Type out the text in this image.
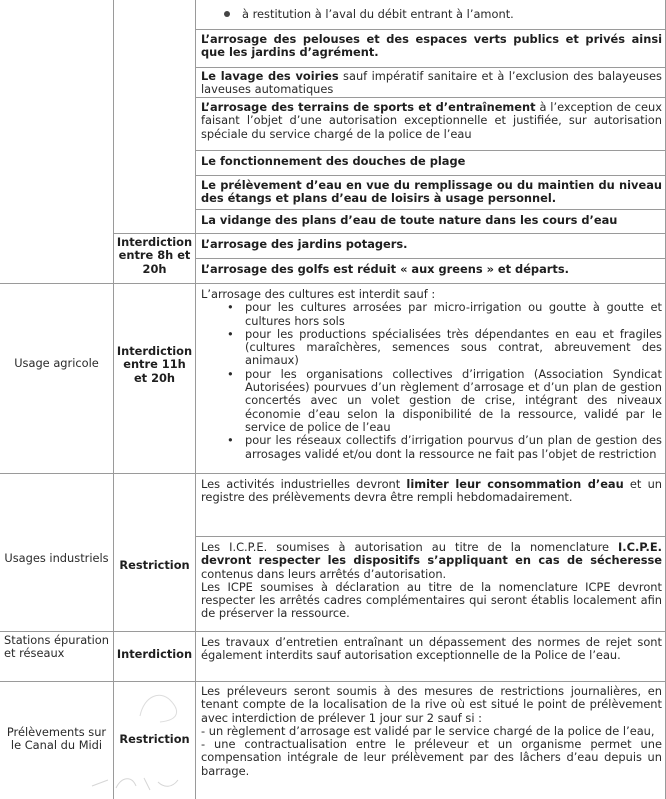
à restitution à l’aval du débit entrant à l’amont.
L’arrosage des pelouses et des espaces verts publics et privés ainsi que les jardins d’agrément.
Le lavage des voiries sauf impératif sanitaire et à l’exclusion des balayeuses laveuses automatiques
L’arrosage des terrains de sports et d’entraînement à l’exception de ceux faisant l’objet d’une autorisation exceptionnelle et justifiée, sur autorisation spéciale du service chargé de la police de l’eau
Le fonctionnement des douches de plage
Le prélèvement d’eau en vue du remplissage ou du maintien du niveau des étangs et plans d’eau de loisirs à usage personnel.
La vidange des plans d’eau de toute nature dans les cours d’eau
Interdiction entre 8h et 20h
L’arrosage des jardins potagers.
L’arrosage des golfs est réduit « aux greens » et départs.
Usage agricole
Interdiction entre 11h et 20h
L’arrosage des cultures est interdit sauf :
• pour les cultures arrosées par micro-irrigation ou goutte à goutte et cultures hors sols
• pour les productions spécialisées très dépendantes en eau et fragiles (cultures maraîchères, semences sous contrat, abreuvement des animaux)
• pour les organisations collectives d’irrigation (Association Syndicat Autorisées) pourvues d’un règlement d’arrosage et d’un plan de gestion concertés avec un volet gestion de crise, intégrant des niveaux économie d’eau selon la disponibilité de la ressource, validé par le service de police de l’eau
• pour les réseaux collectifs d’irrigation pourvus d’un plan de gestion des arrosages validé et/ou dont la ressource ne fait pas l’objet de restriction
Usages industriels Restriction
Les activités industrielles devront limiter leur consommation d’eau et un registre des prélèvements devra être rempli hebdomadairement.
Les I.C.P.E. soumises à autorisation au titre de la nomenclature I.C.P.E. devront respecter les dispositifs s’appliquant en cas de sécheresse contenus dans leurs arrêtés d’autorisation.
Les ICPE soumises à déclaration au titre de la nomenclature ICPE devront respecter les arrêtés cadres complémentaires qui seront établis localement afin de préserver la ressource.
Stations épuration et réseaux	Interdiction
Les travaux d’entretien entraînant un dépassement des normes de rejet sont également interdits sauf autorisation exceptionnelle de la Police de l’eau.
Prélèvements sur le Canal du Midi	Restriction
Les préleveurs seront soumis à des mesures de restrictions journalières, en tenant compte de la localisation de la rive où est situé le point de prélèvement avec interdiction de prélever 1 jour sur 2 sauf si :
- un règlement d’arrosage est validé par le service chargé de la police de l’eau,
- une contractualisation entre le préleveur et un organisme permet une compensation intégrale de leur prélèvement par des lâchers d’eau depuis un barrage.
